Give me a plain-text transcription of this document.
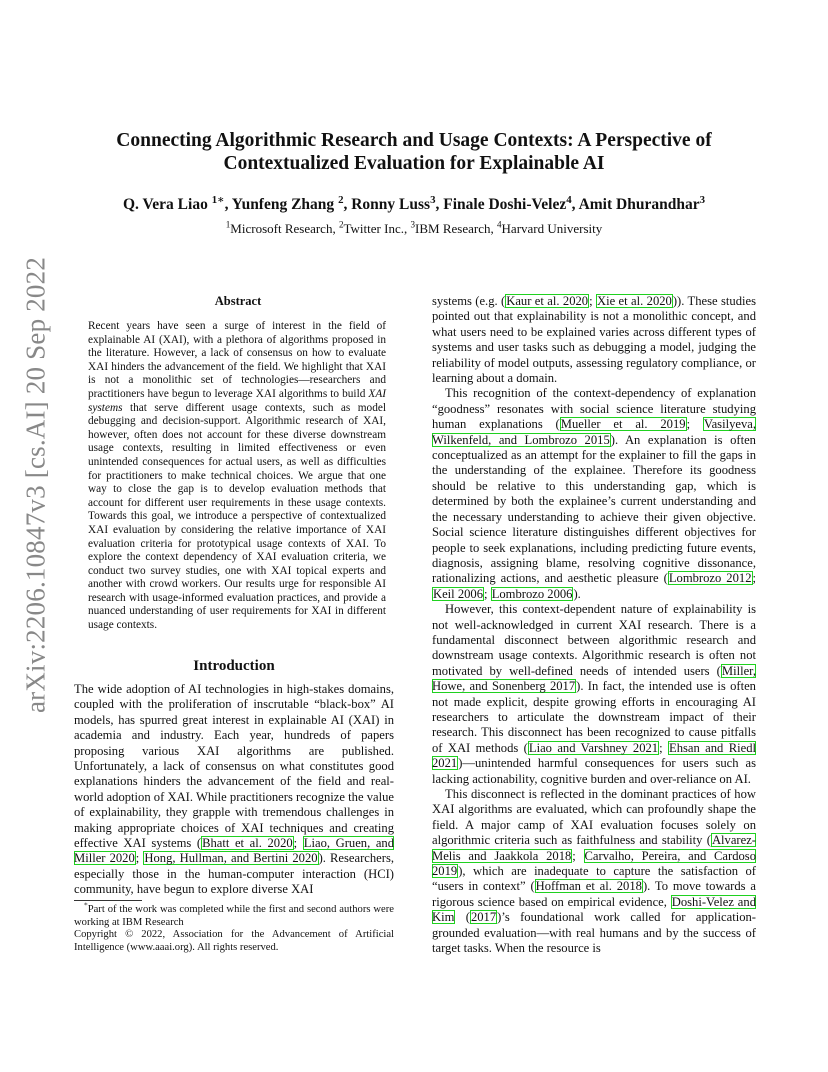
Connecting Algorithmic Research and Usage Contexts: A Perspective of
Contextualized Evaluation for Explainable AI
Q. Vera Liao $^{1∗}$, Yunfeng Zhang $^2$, Ronny Luss$^3$, Finale Doshi-Velez$^4$, Amit Dhurandhar$^3$
$^1$Microsoft Research, $^2$Twitter Inc., $^3$IBM Research, $^4$Harvard University
arXiv:2206.10847v3 [cs.AI] 20 Sep 2022	Abstract
Recent years have seen a surge of interest in the field of explainable AI (XAI), with a plethora of algorithms proposed in the literature. However, a lack of consensus on how to evaluate XAI hinders the advancement of the field. We highlight that XAI is not a monolithic set of technologies—researchers and practitioners have begun to leverage XAI algorithms to build XAI systems that serve different usage contexts, such as model debugging and decision-support. Algorithmic research of XAI, however, often does not account for these diverse downstream usage contexts, resulting in limited effectiveness or even unintended consequences for actual users, as well as difficulties for practitioners to make technical choices. We argue that one way to close the gap is to develop evaluation methods that account for different user requirements in these usage contexts. Towards this goal, we introduce a perspective of contextualized XAI evaluation by considering the relative importance of XAI evaluation criteria for prototypical usage contexts of XAI. To explore the context dependency of XAI evaluation criteria, we conduct two survey studies, one with XAI topical experts and another with crowd workers. Our results urge for responsible AI research with usage-informed evaluation practices, and provide a nuanced understanding of user requirements for XAI in different usage contexts.
Introduction

The wide adoption of AI technologies in high-stakes domains, coupled with the proliferation of inscrutable “black-box” AI models, has spurred great interest in explainable AI (XAI) in academia and industry. Each year, hundreds of papers proposing various XAI algorithms are published. Unfortunately, a lack of consensus on what constitutes good explanations hinders the advancement of the field and real-world adoption of XAI. While practitioners recognize the value of explainability, they grapple with tremendous challenges in making appropriate choices of XAI techniques and creating effective XAI systems (Bhatt et al. 2020; Liao, Gruen, and Miller 2020; Hong, Hullman, and Bertini 2020). Researchers, especially those in the human-computer interaction (HCI) community, have begun to explore diverse XAI

*Part of the work was completed while the first and second authors were working at IBM Research

Copyright © 2022, Association for the Advancement of Artificial Intelligence (www.aaai.org). All rights reserved.

systems (e.g. (Kaur et al. 2020; Xie et al. 2020)). These studies pointed out that explainability is not a monolithic concept, and what users need to be explained varies across different types of systems and user tasks such as debugging a model, judging the reliability of model outputs, assessing regulatory compliance, or learning about a domain.

This recognition of the context-dependency of explanation “goodness” resonates with social science literature studying human explanations (Mueller et al. 2019; Vasilyeva, Wilkenfeld, and Lombrozo 2015). An explanation is often conceptualized as an attempt for the explainer to fill the gaps in the understanding of the explainee. Therefore its goodness should be relative to this understanding gap, which is determined by both the explainee’s current understanding and the necessary understanding to achieve their given objective. Social science literature distinguishes different objectives for people to seek explanations, including predicting future events, diagnosis, assigning blame, resolving cognitive dissonance, rationalizing actions, and aesthetic pleasure (Lombrozo 2012; Keil 2006; Lombrozo 2006).

However, this context-dependent nature of explainability is not well-acknowledged in current XAI research. There is a fundamental disconnect between algorithmic research and downstream usage contexts. Algorithmic research is often not motivated by well-defined needs of intended users (Miller, Howe, and Sonenberg 2017). In fact, the intended use is often not made explicit, despite growing efforts in encouraging AI researchers to articulate the downstream impact of their research. This disconnect has been recognized to cause pitfalls of XAI methods (Liao and Varshney 2021; Ehsan and Riedl 2021)—unintended harmful consequences for users such as lacking actionability, cognitive burden and over-reliance on AI.

This disconnect is reflected in the dominant practices of how XAI algorithms are evaluated, which can profoundly shape the field. A major camp of XAI evaluation focuses solely on algorithmic criteria such as faithfulness and stability (Alvarez-Melis and Jaakkola 2018; Carvalho, Pereira, and Cardoso 2019), which are inadequate to capture the satisfaction of “users in context” (Hoffman et al. 2018). To move towards a rigorous science based on empirical evidence, Doshi-Velez and Kim (2017)’s foundational work called for application-grounded evaluation—with real humans and by the success of target tasks. When the resource is
